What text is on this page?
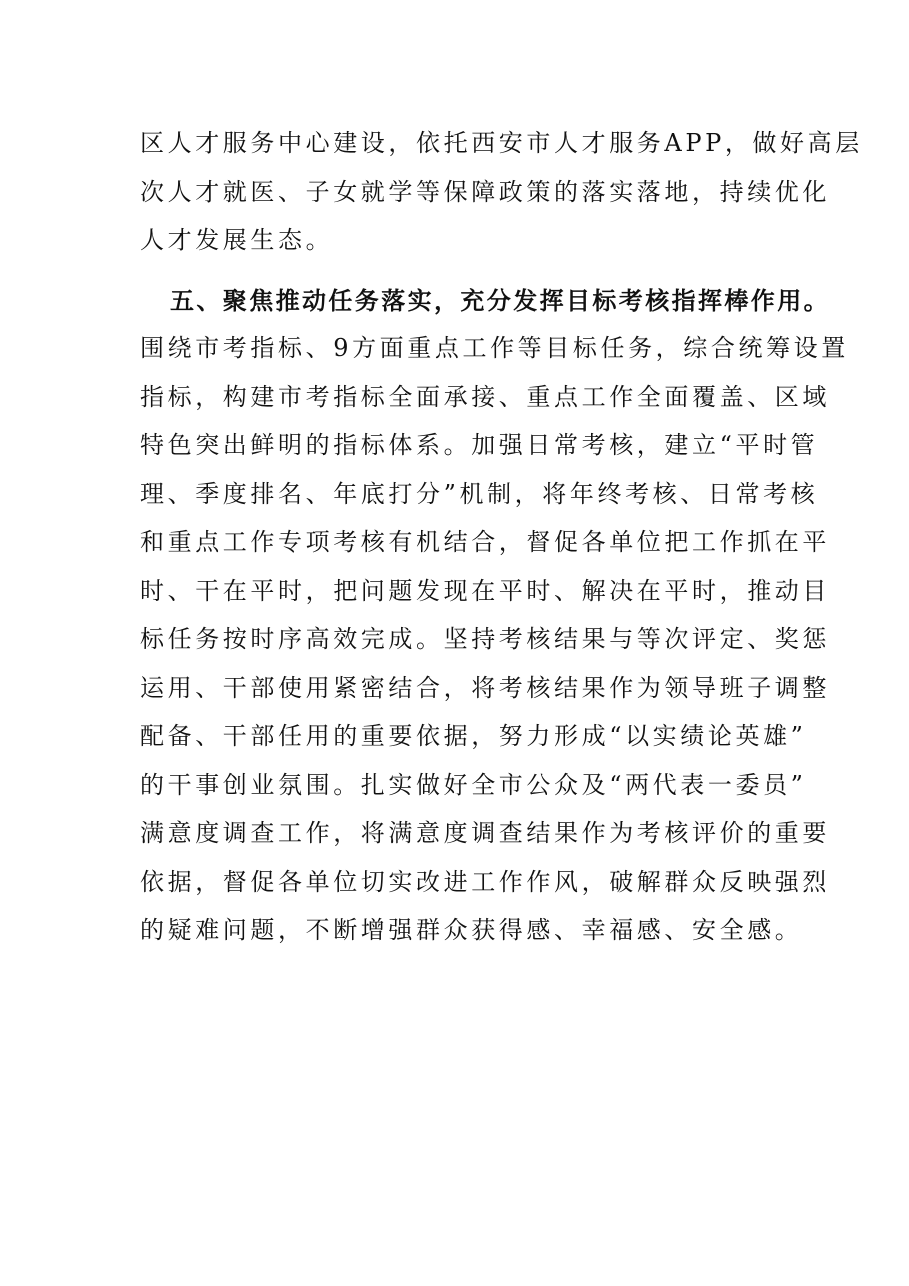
区人才服务中心建设，依托西安市人才服务APP，做好高层
次人才就医、子女就学等保障政策的落实落地，持续优化
人才发展生态。
五、聚焦推动任务落实，充分发挥目标考核指挥棒作用。
围绕市考指标、9方面重点工作等目标任务，综合统筹设置
指标，构建市考指标全面承接、重点工作全面覆盖、区域
特色突出鲜明的指标体系。加强日常考核，建立“平时管
理、季度排名、年底打分”机制，将年终考核、日常考核
和重点工作专项考核有机结合，督促各单位把工作抓在平
时、干在平时，把问题发现在平时、解决在平时，推动目
标任务按时序高效完成。坚持考核结果与等次评定、奖惩
运用、干部使用紧密结合，将考核结果作为领导班子调整
配备、干部任用的重要依据，努力形成“以实绩论英雄”
的干事创业氛围。扎实做好全市公众及“两代表一委员”
满意度调查工作，将满意度调查结果作为考核评价的重要
依据，督促各单位切实改进工作作风，破解群众反映强烈
的疑难问题，不断增强群众获得感、幸福感、安全感。
